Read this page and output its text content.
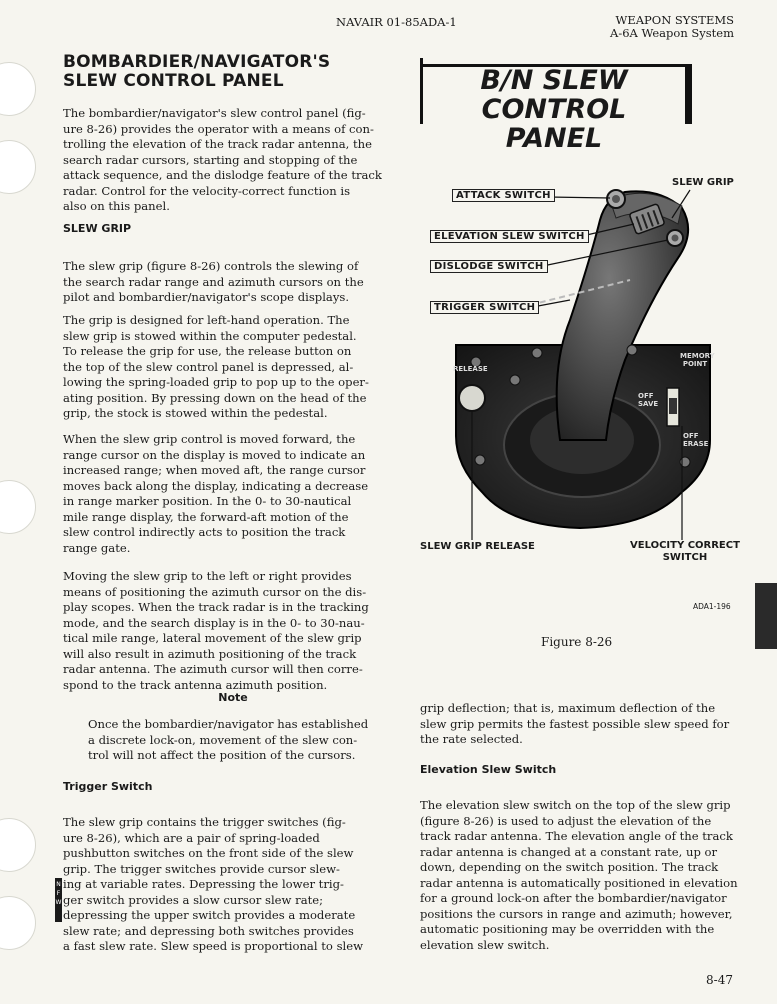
NAVAIR 01-85ADA-1	WEAPON SYSTEMS
A-6A Weapon System
BOMBARDIER/NAVIGATOR'S
SLEW CONTROL PANEL
The bombardier/navigator's slew control panel (fig-
ure 8-26) provides the operator with a means of con-
trolling the elevation of the track radar antenna, the
search radar cursors, starting and stopping of the
attack sequence, and the dislodge feature of the track
radar. Control for the velocity-correct function is
also on this panel.
SLEW GRIP
The slew grip (figure 8-26) controls the slewing of
the search radar range and azimuth cursors on the
pilot and bombardier/navigator's scope displays.
The grip is designed for left-hand operation. The
slew grip is stowed within the computer pedestal.
To release the grip for use, the release button on
the top of the slew control panel is depressed, al-
lowing the spring-loaded grip to pop up to the oper-
ating position. By pressing down on the head of the
grip, the stock is stowed within the pedestal.
When the slew grip control is moved forward, the
range cursor on the display is moved to indicate an
increased range; when moved aft, the range cursor
moves back along the display, indicating a decrease
in range marker position. In the 0- to 30-nautical
mile range display, the forward-aft motion of the
slew control indirectly acts to position the track
range gate.
Moving the slew grip to the left or right provides
means of positioning the azimuth cursor on the dis-
play scopes. When the track radar is in the tracking
mode, and the search display is in the 0- to 30-nau-
tical mile range, lateral movement of the slew grip
will also result in azimuth positioning of the track
radar antenna. The azimuth cursor will then corre-
spond to the track antenna azimuth position.
Note
Once the bombardier/navigator has established
a discrete lock-on, movement of the slew con-
trol will not affect the position of the cursors.
Trigger Switch
The slew grip contains the trigger switches (fig-
ure 8-26), which are a pair of spring-loaded
pushbutton switches on the front side of the slew
grip. The trigger switches provide cursor slew-
ing at variable rates. Depressing the lower trig-
ger switch provides a slow cursor slew rate;
depressing the upper switch provides a moderate
slew rate; and depressing both switches provides
a fast slew rate. Slew speed is proportional to slew
N F W
B/N SLEW CONTROL
PANEL
RELEASE
MEMORY POINT
OFF SAVE
OFF ERASE
ATTACK SWITCH
ELEVATION SLEW SWITCH
DISLODGE SWITCH
TRIGGER SWITCH
SLEW GRIP
SLEW GRIP RELEASE	VELOCITY CORRECT
SWITCH
ADA1-196
Figure 8-26
grip deflection; that is, maximum deflection of the
slew grip permits the fastest possible slew speed for
the rate selected.
Elevation Slew Switch
The elevation slew switch on the top of the slew grip
(figure 8-26) is used to adjust the elevation of the
track radar antenna. The elevation angle of the track
radar antenna is changed at a constant rate, up or
down, depending on the switch position. The track
radar antenna is automatically positioned in elevation
for a ground lock-on after the bombardier/navigator
positions the cursors in range and azimuth; however,
automatic positioning may be overridden with the
elevation slew switch.
8-47
